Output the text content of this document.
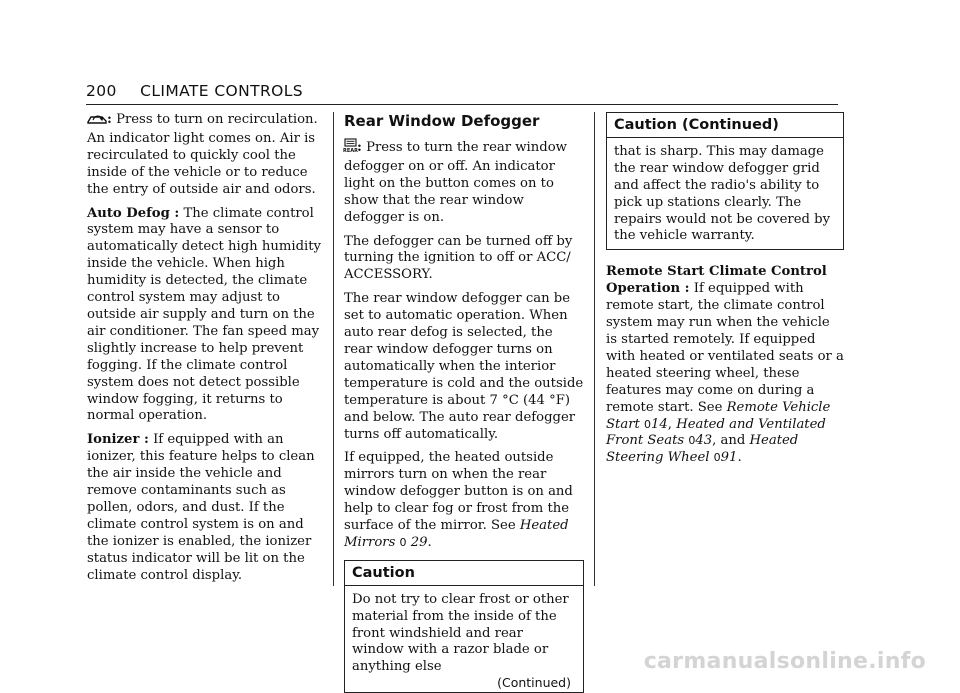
200 CLIMATE CONTROLS

: Press to turn on recirculation. An indicator light comes on. Air is recirculated to quickly cool the inside of the vehicle or to reduce the entry of outside air and odors.

Auto Defog : The climate control system may have a sensor to automatically detect high humidity inside the vehicle. When high humidity is detected, the climate control system may adjust to outside air supply and turn on the air conditioner. The fan speed may slightly increase to help prevent fogging. If the climate control system does not detect possible window fogging, it returns to normal operation.

Ionizer : If equipped with an ionizer, this feature helps to clean the air inside the vehicle and remove contaminants such as pollen, odors, and dust. If the climate control system is on and the ionizer is enabled, the ionizer status indicator will be lit on the climate control display.

Rear Window Defogger

REAR : Press to turn the rear window defogger on or off. An indicator light on the button comes on to show that the rear window defogger is on.

The defogger can be turned off by turning the ignition to off or ACC/ ACCESSORY.

The rear window defogger can be set to automatic operation. When auto rear defog is selected, the rear window defogger turns on automatically when the interior temperature is cold and the outside temperature is about 7 °C (44 °F) and below. The auto rear defogger turns off automatically.

If equipped, the heated outside mirrors turn on when the rear window defogger button is on and help to clear fog or frost from the surface of the mirror. See Heated Mirrors 0 29.

Caution

Do not try to clear frost or other material from the inside of the front windshield and rear window with a razor blade or anything else

(Continued)
Caution (Continued)

that is sharp. This may damage the rear window defogger grid and affect the radio's ability to pick up stations clearly. The repairs would not be covered by the vehicle warranty.

Remote Start Climate Control Operation : If equipped with remote start, the climate control system may run when the vehicle is started remotely. If equipped with heated or ventilated seats or a heated steering wheel, these features may come on during a remote start. See Remote Vehicle Start 014, Heated and Ventilated Front Seats 043, and Heated Steering Wheel 091.

carmanualsonline.info
